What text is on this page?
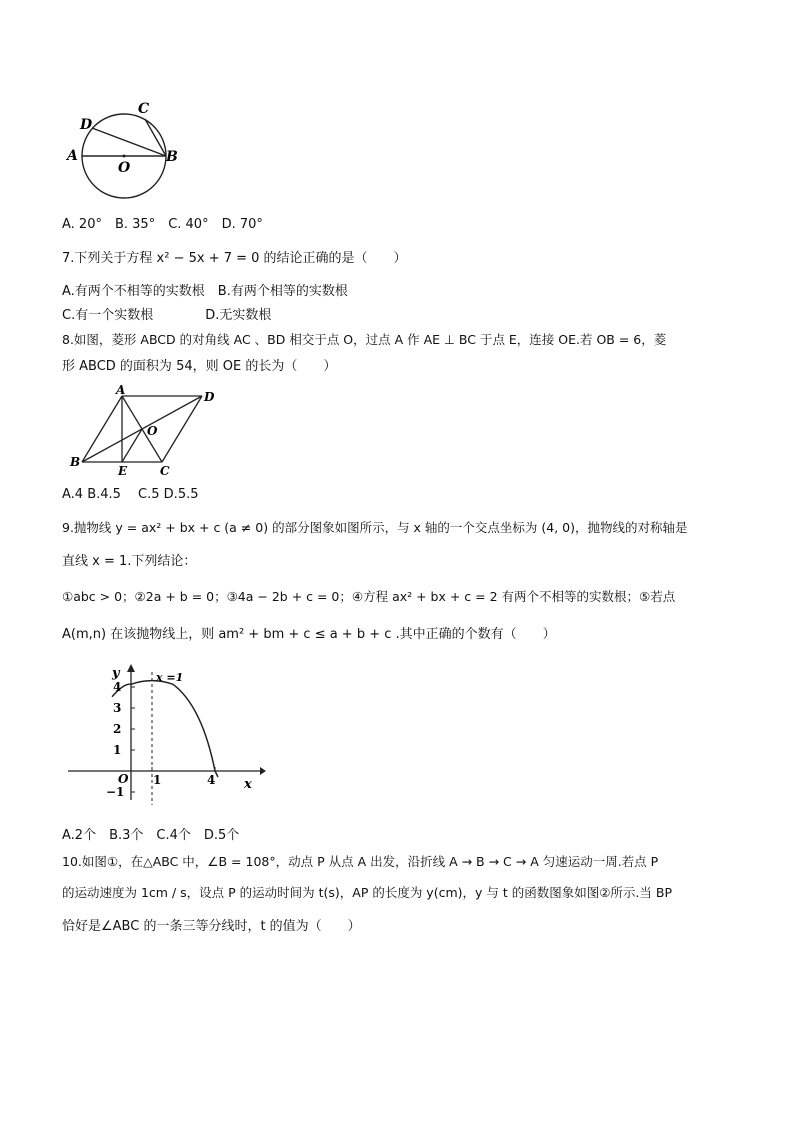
A	B
C
D
O
A. 20°　B. 35°　C. 40°　D. 70°
7.下列关于方程 x² − 5x + 7 = 0 的结论正确的是（　　）
A.有两个不相等的实数根　B.有两个相等的实数根
C.有一个实数根　　　　D.无实数根
8.如图，菱形 ABCD 的对角线 AC 、BD 相交于点 O，过点 A 作 AE ⊥ BC 于点 E，连接 OE.若 OB = 6，菱
形 ABCD 的面积为 54，则 OE 的长为（　　）
A
B
C
D
O
E
A.4 B.4.5　 C.5 D.5.5
9.抛物线 y = ax² + bx + c (a ≠ 0) 的部分图象如图所示，与 x 轴的一个交点坐标为 (4, 0)，抛物线的对称轴是
直线 x = 1.下列结论：
①abc > 0；②2a + b = 0；③4a − 2b + c = 0；④方程 ax² + bx + c = 2 有两个不相等的实数根；⑤若点
A(m,n) 在该抛物线上，则 am² + bm + c ≤ a + b + c .其中正确的个数有（　　）
y
x
x =1
O
4
3
2
1
−1
1	4
A.2个　B.3个　C.4个　D.5个
10.如图①，在△ABC 中，∠B = 108°，动点 P 从点 A 出发，沿折线 A → B → C → A 匀速运动一周.若点 P
的运动速度为 1cm / s，设点 P 的运动时间为 t(s)，AP 的长度为 y(cm)，y 与 t 的函数图象如图②所示.当 BP
恰好是∠ABC 的一条三等分线时，t 的值为（　　）
